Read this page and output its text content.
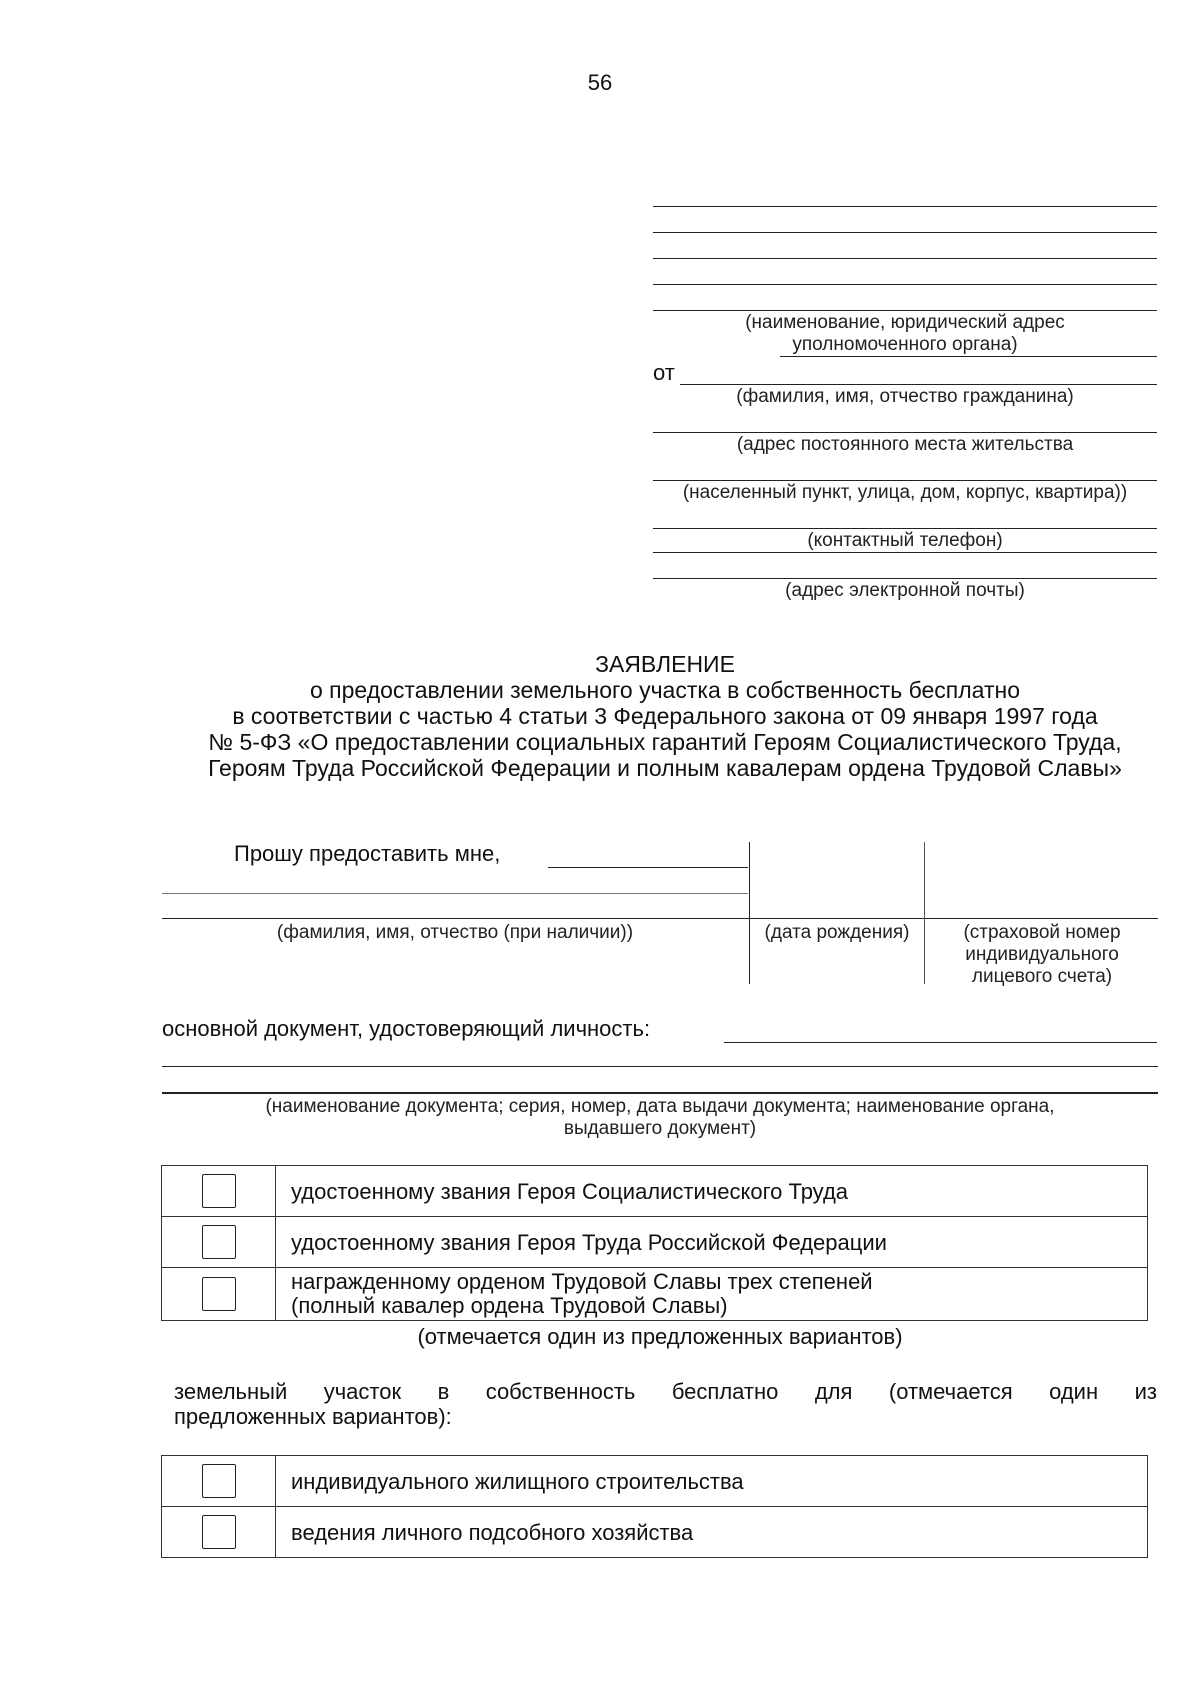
56
(наименование, юридический адрес
уполномоченного органа)
от
(фамилия, имя, отчество гражданина)
(адрес постоянного места жительства
(населенный пункт, улица, дом, корпус, квартира))
(контактный телефон)
(адрес электронной почты)
ЗАЯВЛЕНИЕ
о предоставлении земельного участка в собственность бесплатно
в соответствии с частью 4 статьи 3 Федерального закона от 09 января 1997 года
№ 5-ФЗ «О предоставлении социальных гарантий Героям Социалистического Труда,
Героям Труда Российской Федерации и полным кавалерам ордена Трудовой Славы»
Прошу предоставить мне,
(фамилия, имя, отчество (при наличии))	(дата рождения)	(страховой номер
индивидуального
лицевого счета)
основной документ, удостоверяющий личность:
(наименование документа; серия, номер, дата выдачи документа; наименование органа,
выдавшего документ)
	удостоенному звания Героя Социалистического Труда
	удостоенному звания Героя Труда Российской Федерации

	награжденному орденом Трудовой Славы трех степеней
(полный кавалер ордена Трудовой Славы)
(отмечается один из предложенных вариантов)
земельный участок в собственность бесплатно для (отмечается один из
предложенных вариантов):
	индивидуального жилищного строительства
	ведения личного подсобного хозяйства
